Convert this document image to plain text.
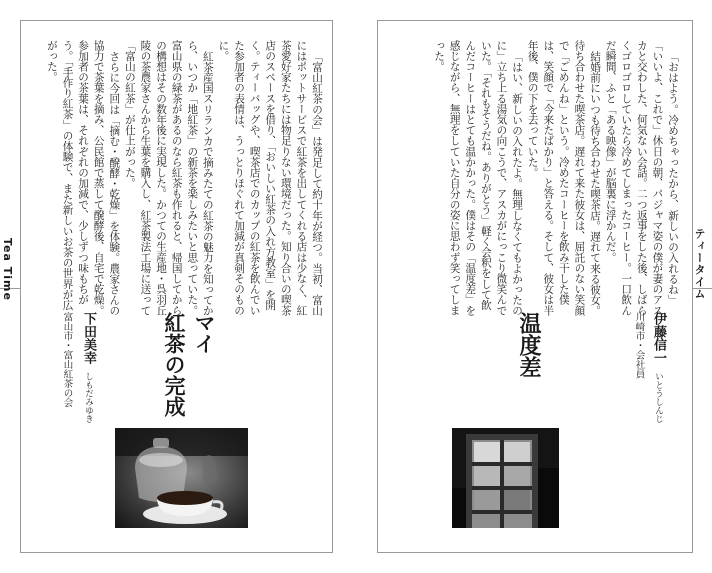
Tea Time	「富山紅茶の会」は発足して約十年が経つ。当初、富山にはポットサービスで紅茶を出してくれる店は少なく、紅茶愛好家たちには物足りない環境だった。知り合いの喫茶店のスペースを借り、「おいしい紅茶の入れ方教室」を開く。ティーバッグや、喫茶店でのカップの紅茶を飲んでいた参加者の表情は、うっとりほぐれて加減が真剣そのものに。

紅茶産国スリランカで摘みたての紅茶の魅力を知ってから、いつか「地紅茶」の新茶を楽しみたいと思っていた。富山県の緑茶があるのなら紅茶も作れると、帰国してからの構想はその数年後に実現した。かつての生産地・呉羽丘陵の茶農家さんから生葉を購入し、紅茶製法工場に送って「富山の紅茶」が仕上がった。

さらに今回は「摘む・醗酵・乾燥」を体験。農家さんの協力で茶葉を摘み、公民館で蒸して醗酵後、自宅で乾燥。参加者の茶葉は、それぞれの加減で、少しずつ味もちがう。「手作り紅茶」の体験で、また新しいお茶の世界が広がった。

マイ
紅茶の完成
下田美幸
しもだみゆき
富山市・富山紅茶の会
ティータイム

「おはよう。冷めちゃったから、新しいの入れるね」「いいよ、これで」休日の朝、パジャマ姿の僕が妻のアスカと交わした、何気ない会話。二つ返事をした後、しばらくゴロゴロしていたら冷めてしまったコーヒー。一口飲んだ瞬間、ふと「ある映像」が脳裏に浮かんだ。

結婚前にいつも待ち合わせた喫茶店。遅れて来る彼女。待ち合わせた喫茶店。遅れて来た彼女は、屈託のない笑顔で「ごめんね」という。冷めたコーヒーを飲み干した僕は、笑顔で「今来たばかり」と答える。そして、彼女は半年後、僕の下を去っていた。

「はい、新しいの入れたよ。無理しなくてもよかったのに」立ち上る湯気の向こうで、アスカがにっこり微笑んでいた。「それもそうだね。ありがとう」軽く会釈をして飲んだコーヒーはとても温かかった。僕はその「温度差」を感じながら、無理をしていた自分の姿に思わず笑ってしまった。

温度差	伊藤信一
いとうしんじ
川崎市・会社員
